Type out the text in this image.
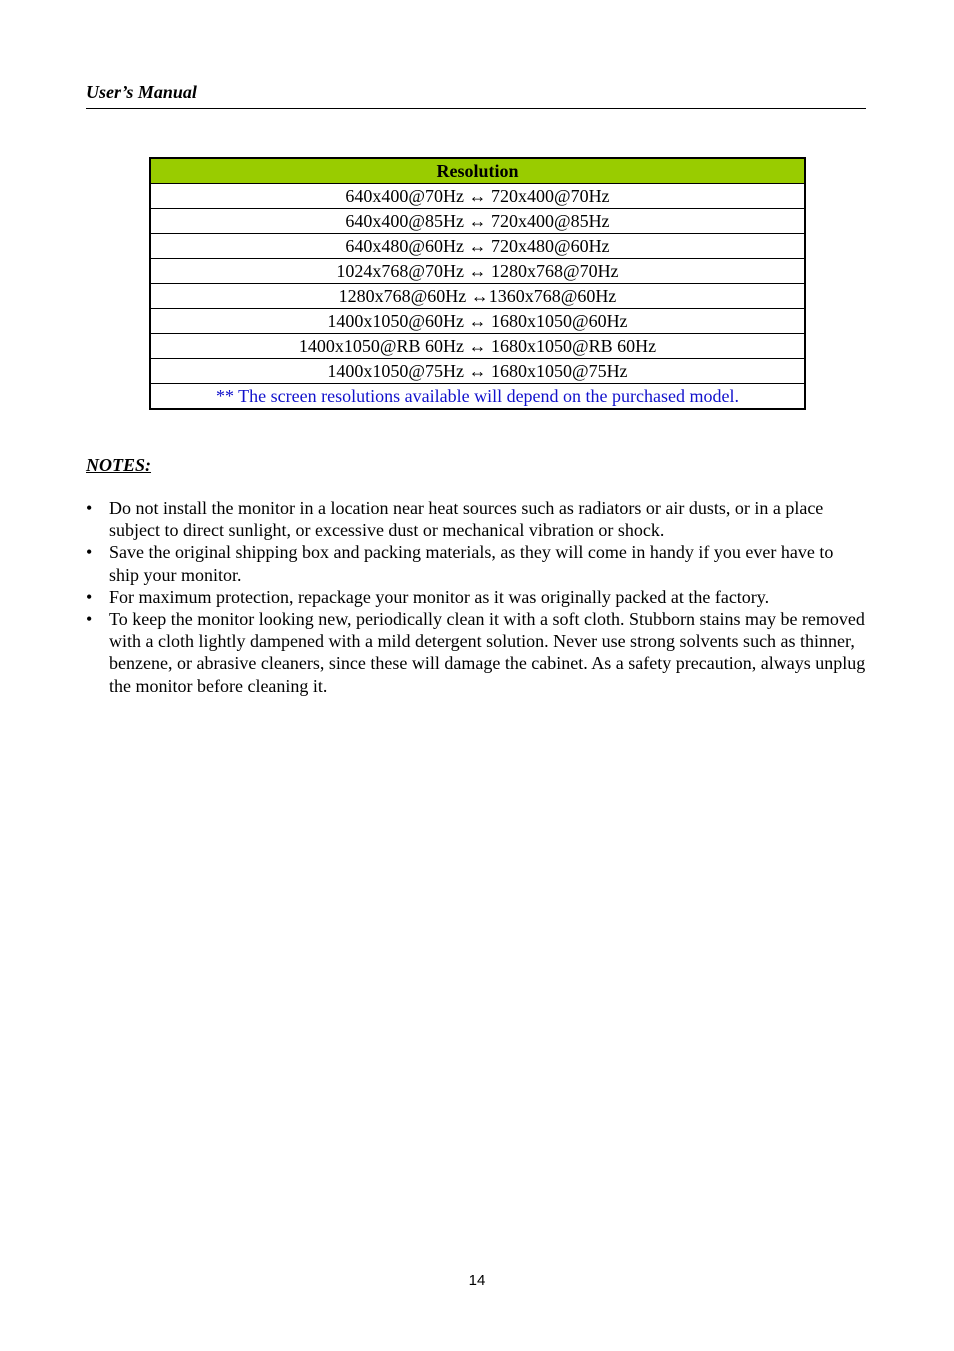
User’s Manual
Resolution
640x400@70Hz ↔ 720x400@70Hz
640x400@85Hz ↔ 720x400@85Hz
640x480@60Hz ↔ 720x480@60Hz
1024x768@70Hz ↔ 1280x768@70Hz
1280x768@60Hz ↔1360x768@60Hz
1400x1050@60Hz ↔ 1680x1050@60Hz
1400x1050@RB 60Hz ↔ 1680x1050@RB 60Hz
1400x1050@75Hz ↔ 1680x1050@75Hz
** The screen resolutions available will depend on the purchased model.
NOTES:
• Do not install the monitor in a location near heat sources such as radiators or air dusts, or in a place subject to direct sunlight, or excessive dust or mechanical vibration or shock.
• Save the original shipping box and packing materials, as they will come in handy if you ever have to ship your monitor.
• For maximum protection, repackage your monitor as it was originally packed at the factory.
• To keep the monitor looking new, periodically clean it with a soft cloth. Stubborn stains may be removed with a cloth lightly dampened with a mild detergent solution. Never use strong solvents such as thinner, benzene, or abrasive cleaners, since these will damage the cabinet. As a safety precaution, always unplug the monitor before cleaning it.
14
